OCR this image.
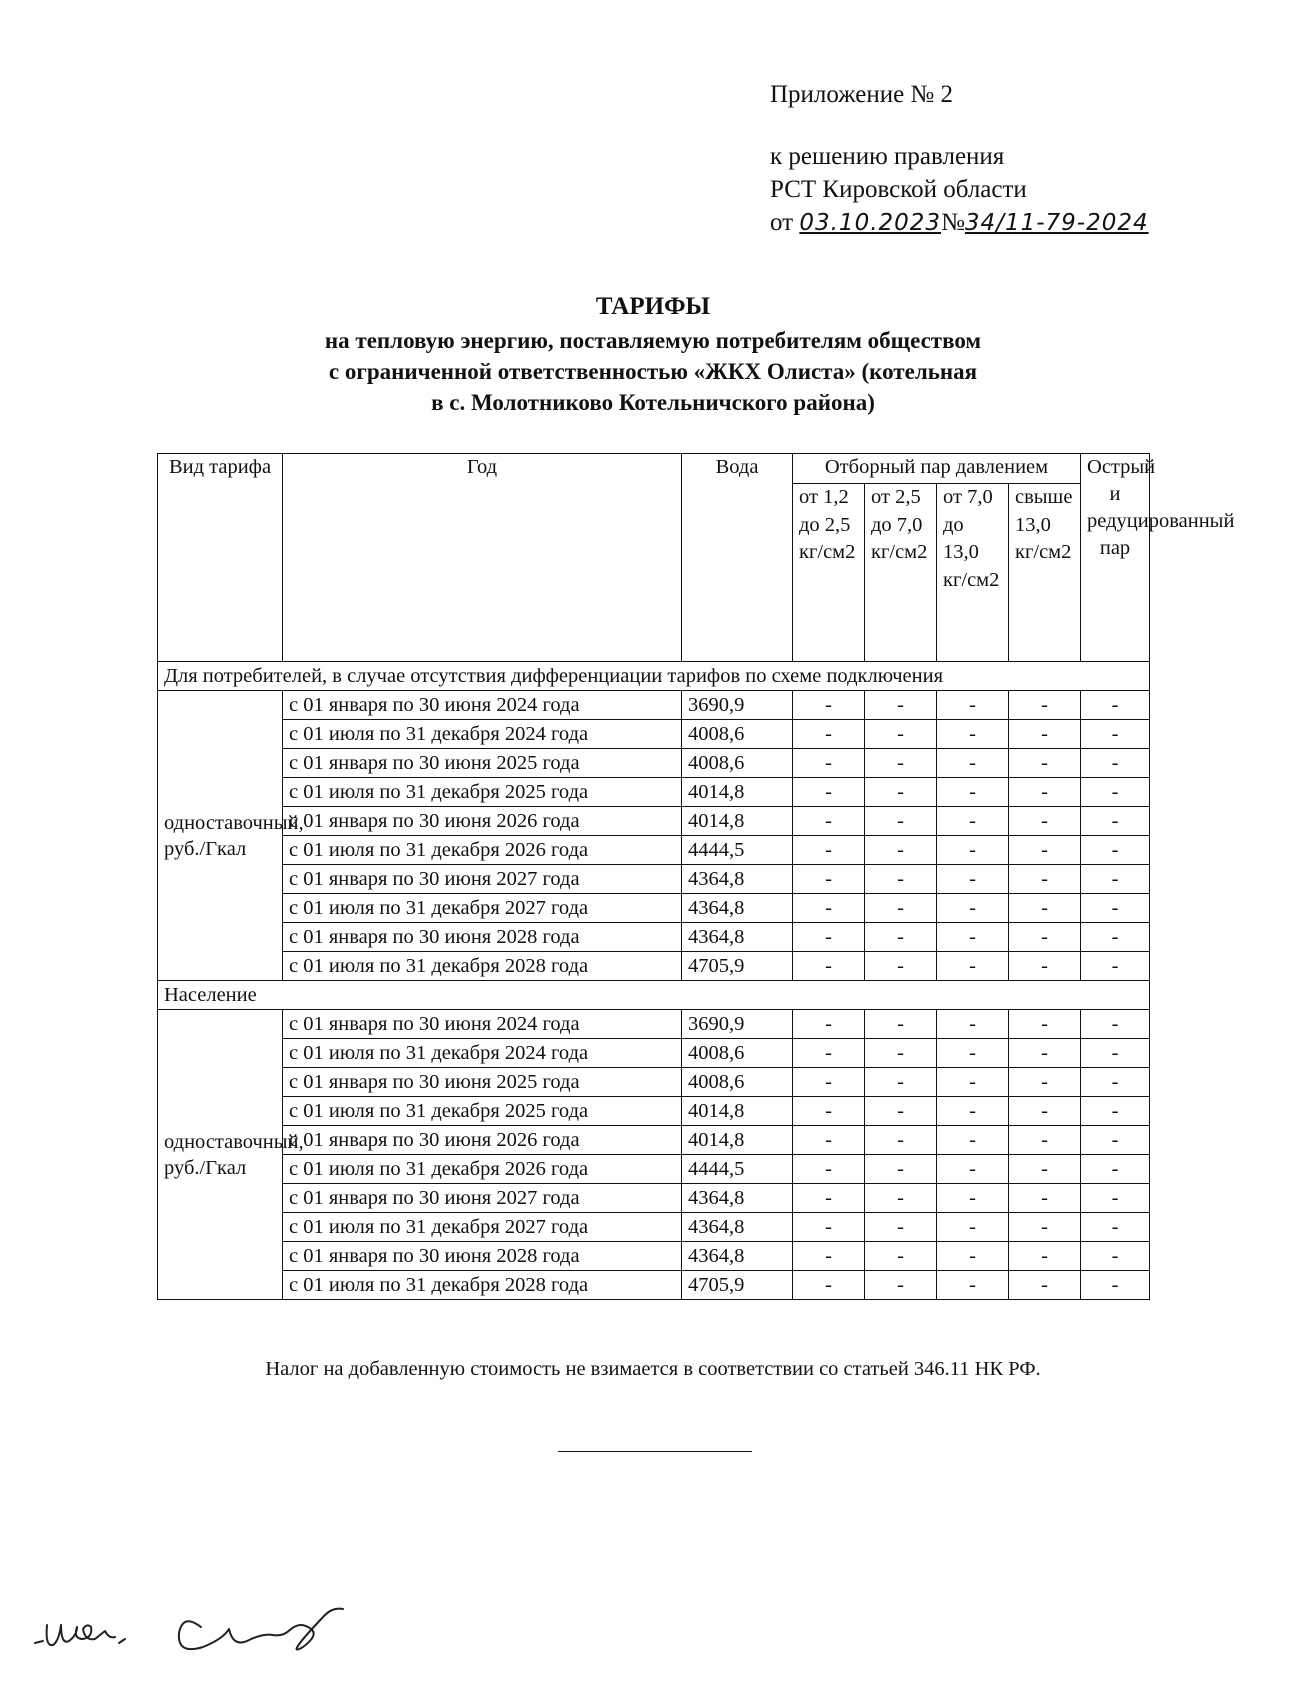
Приложение № 2
к решению правления
РСТ Кировской области
от 03.10.2023№34/11-79-2024
ТАРИФЫ
на тепловую энергию, поставляемую потребителям обществом
с ограниченной ответственностью «ЖКХ Олиста» (котельная
в с. Молотниково Котельничского района)
Вид тарифа	Год	Вода	Отборный пар давлением				Острый и редуцированный пар
			от 1,2 до 2,5 кг/см2	от 2,5 до 7,0 кг/см2	от 7,0 до 13,0 кг/см2	свыше 13,0 кг/см2	
Для потребителей, в случае отсутствия дифференциации тарифов по схеме подключения							
одноставочный, руб./Гкал	с 01 января по 30 июня 2024 года	3690,9	-	-	-	-	-
	с 01 июля по 31 декабря 2024 года	4008,6	-	-	-	-	-
	с 01 января по 30 июня 2025 года	4008,6	-	-	-	-	-
	с 01 июля по 31 декабря 2025 года	4014,8	-	-	-	-	-
	с 01 января по 30 июня 2026 года	4014,8	-	-	-	-	-
	с 01 июля по 31 декабря 2026 года	4444,5	-	-	-	-	-
	с 01 января по 30 июня 2027 года	4364,8	-	-	-	-	-
	с 01 июля по 31 декабря 2027 года	4364,8	-	-	-	-	-
	с 01 января по 30 июня 2028 года	4364,8	-	-	-	-	-
	с 01 июля по 31 декабря 2028 года	4705,9	-	-	-	-	-
Население							
одноставочный, руб./Гкал	с 01 января по 30 июня 2024 года	3690,9	-	-	-	-	-
	с 01 июля по 31 декабря 2024 года	4008,6	-	-	-	-	-
	с 01 января по 30 июня 2025 года	4008,6	-	-	-	-	-
	с 01 июля по 31 декабря 2025 года	4014,8	-	-	-	-	-
	с 01 января по 30 июня 2026 года	4014,8	-	-	-	-	-
	с 01 июля по 31 декабря 2026 года	4444,5	-	-	-	-	-
	с 01 января по 30 июня 2027 года	4364,8	-	-	-	-	-
	с 01 июля по 31 декабря 2027 года	4364,8	-	-	-	-	-
	с 01 января по 30 июня 2028 года	4364,8	-	-	-	-	-
	с 01 июля по 31 декабря 2028 года	4705,9	-	-	-	-	-
Налог на добавленную стоимость не взимается в соответствии со статьей 346.11 НК РФ.
